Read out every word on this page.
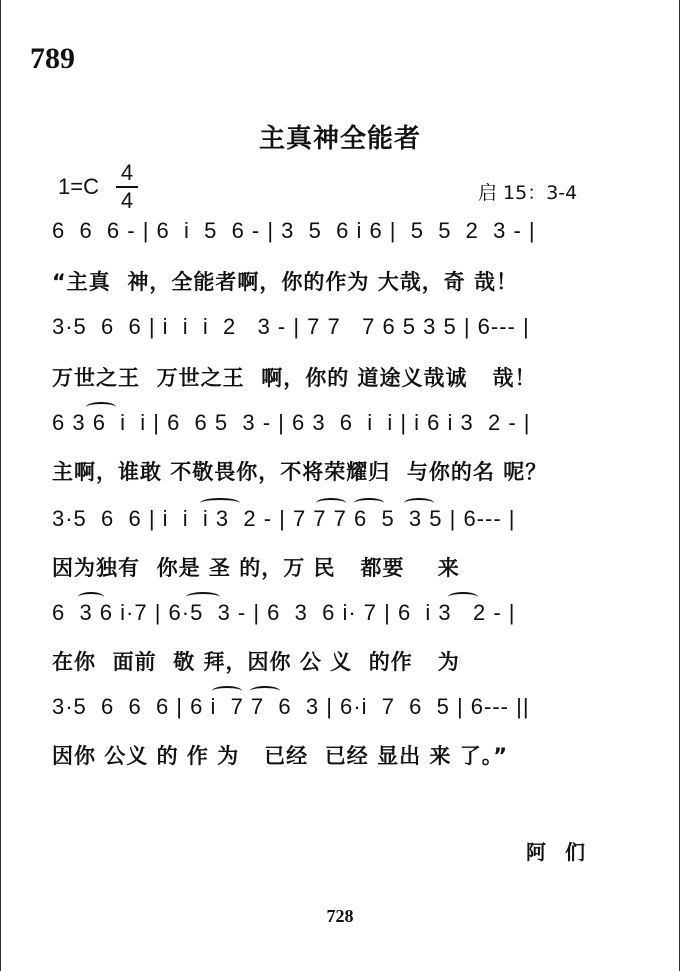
789
主真神全能者
1=C
4
4	启 15：3-4
6  6  6 - | 6  i  5  6 - | 3  5  6 i 6 |  5  5  2  3 - |
“主真  神，全能者啊，你的作为 大哉，奇 哉！
3·5  6  6 | i  i  i  2   3 - | 7 7   7 6 5 3 5 | 6--- |
万世之王  万世之王  啊，你的 道途义哉诚   哉！
6 3 6  i  i | 6  6 5  3 - | 6 3  6  i  i | i 6 i 3  2 - |
主啊，谁敢 不敬畏你，不将荣耀归  与你的名 呢？
3·5  6  6 | i  i  i 3  2 - | 7 7 7 6  5  3 5 | 6--- |
因为独有  你是 圣 的，万 民   都要    来
6  3 6 i·7 | 6·5  3 - | 6  3  6 i· 7 | 6  i 3   2 - |
在你  面前  敬 拜，因你 公 义  的作   为
3·5  6  6  6 | 6 i  7 7  6  3 | 6·i  7  6  5 | 6--- ||
因你 公义 的 作 为   已经  已经 显出 来 了。”
阿 们
728
